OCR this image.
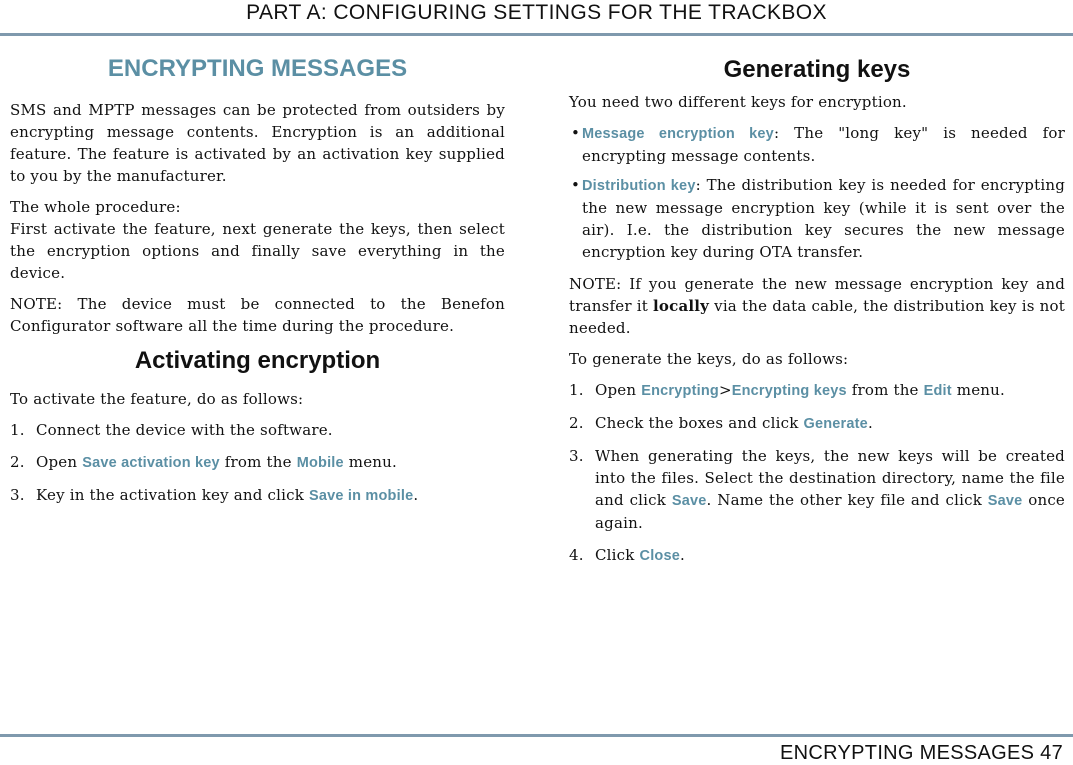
PART A: CONFIGURING SETTINGS FOR THE TRACKBOX
ENCRYPTING MESSAGES

SMS and MPTP messages can be protected from outsiders by encrypting message contents. Encryption is an additional feature. The feature is activated by an activation key supplied to you by the manufacturer.

The whole procedure:

First activate the feature, next generate the keys, then select the encryption options and finally save everything in the device.

NOTE: The device must be connected to the Benefon Configurator software all the time during the procedure.

Activating encryption

To activate the feature, do as follows:

1. Connect the device with the software.
2. Open Save activation key from the Mobile menu.
3. Key in the activation key and click Save in mobile.
Generating keys

You need two different keys for encryption.

• Message encryption key: The "long key" is needed for encrypting message contents.
• Distribution key: The distribution key is needed for encrypting the new message encryption key (while it is sent over the air). I.e. the distribution key secures the new message encryption key during OTA transfer.

NOTE: If you generate the new message encryption key and transfer it locally via the data cable, the distribution key is not needed.

To generate the keys, do as follows:

1. Open Encrypting>Encrypting keys from the Edit menu.
2. Check the boxes and click Generate.
3. When generating the keys, the new keys will be created into the files. Select the destination directory, name the file and click Save. Name the other key file and click Save once again.
4. Click Close.
ENCRYPTING MESSAGES 47
